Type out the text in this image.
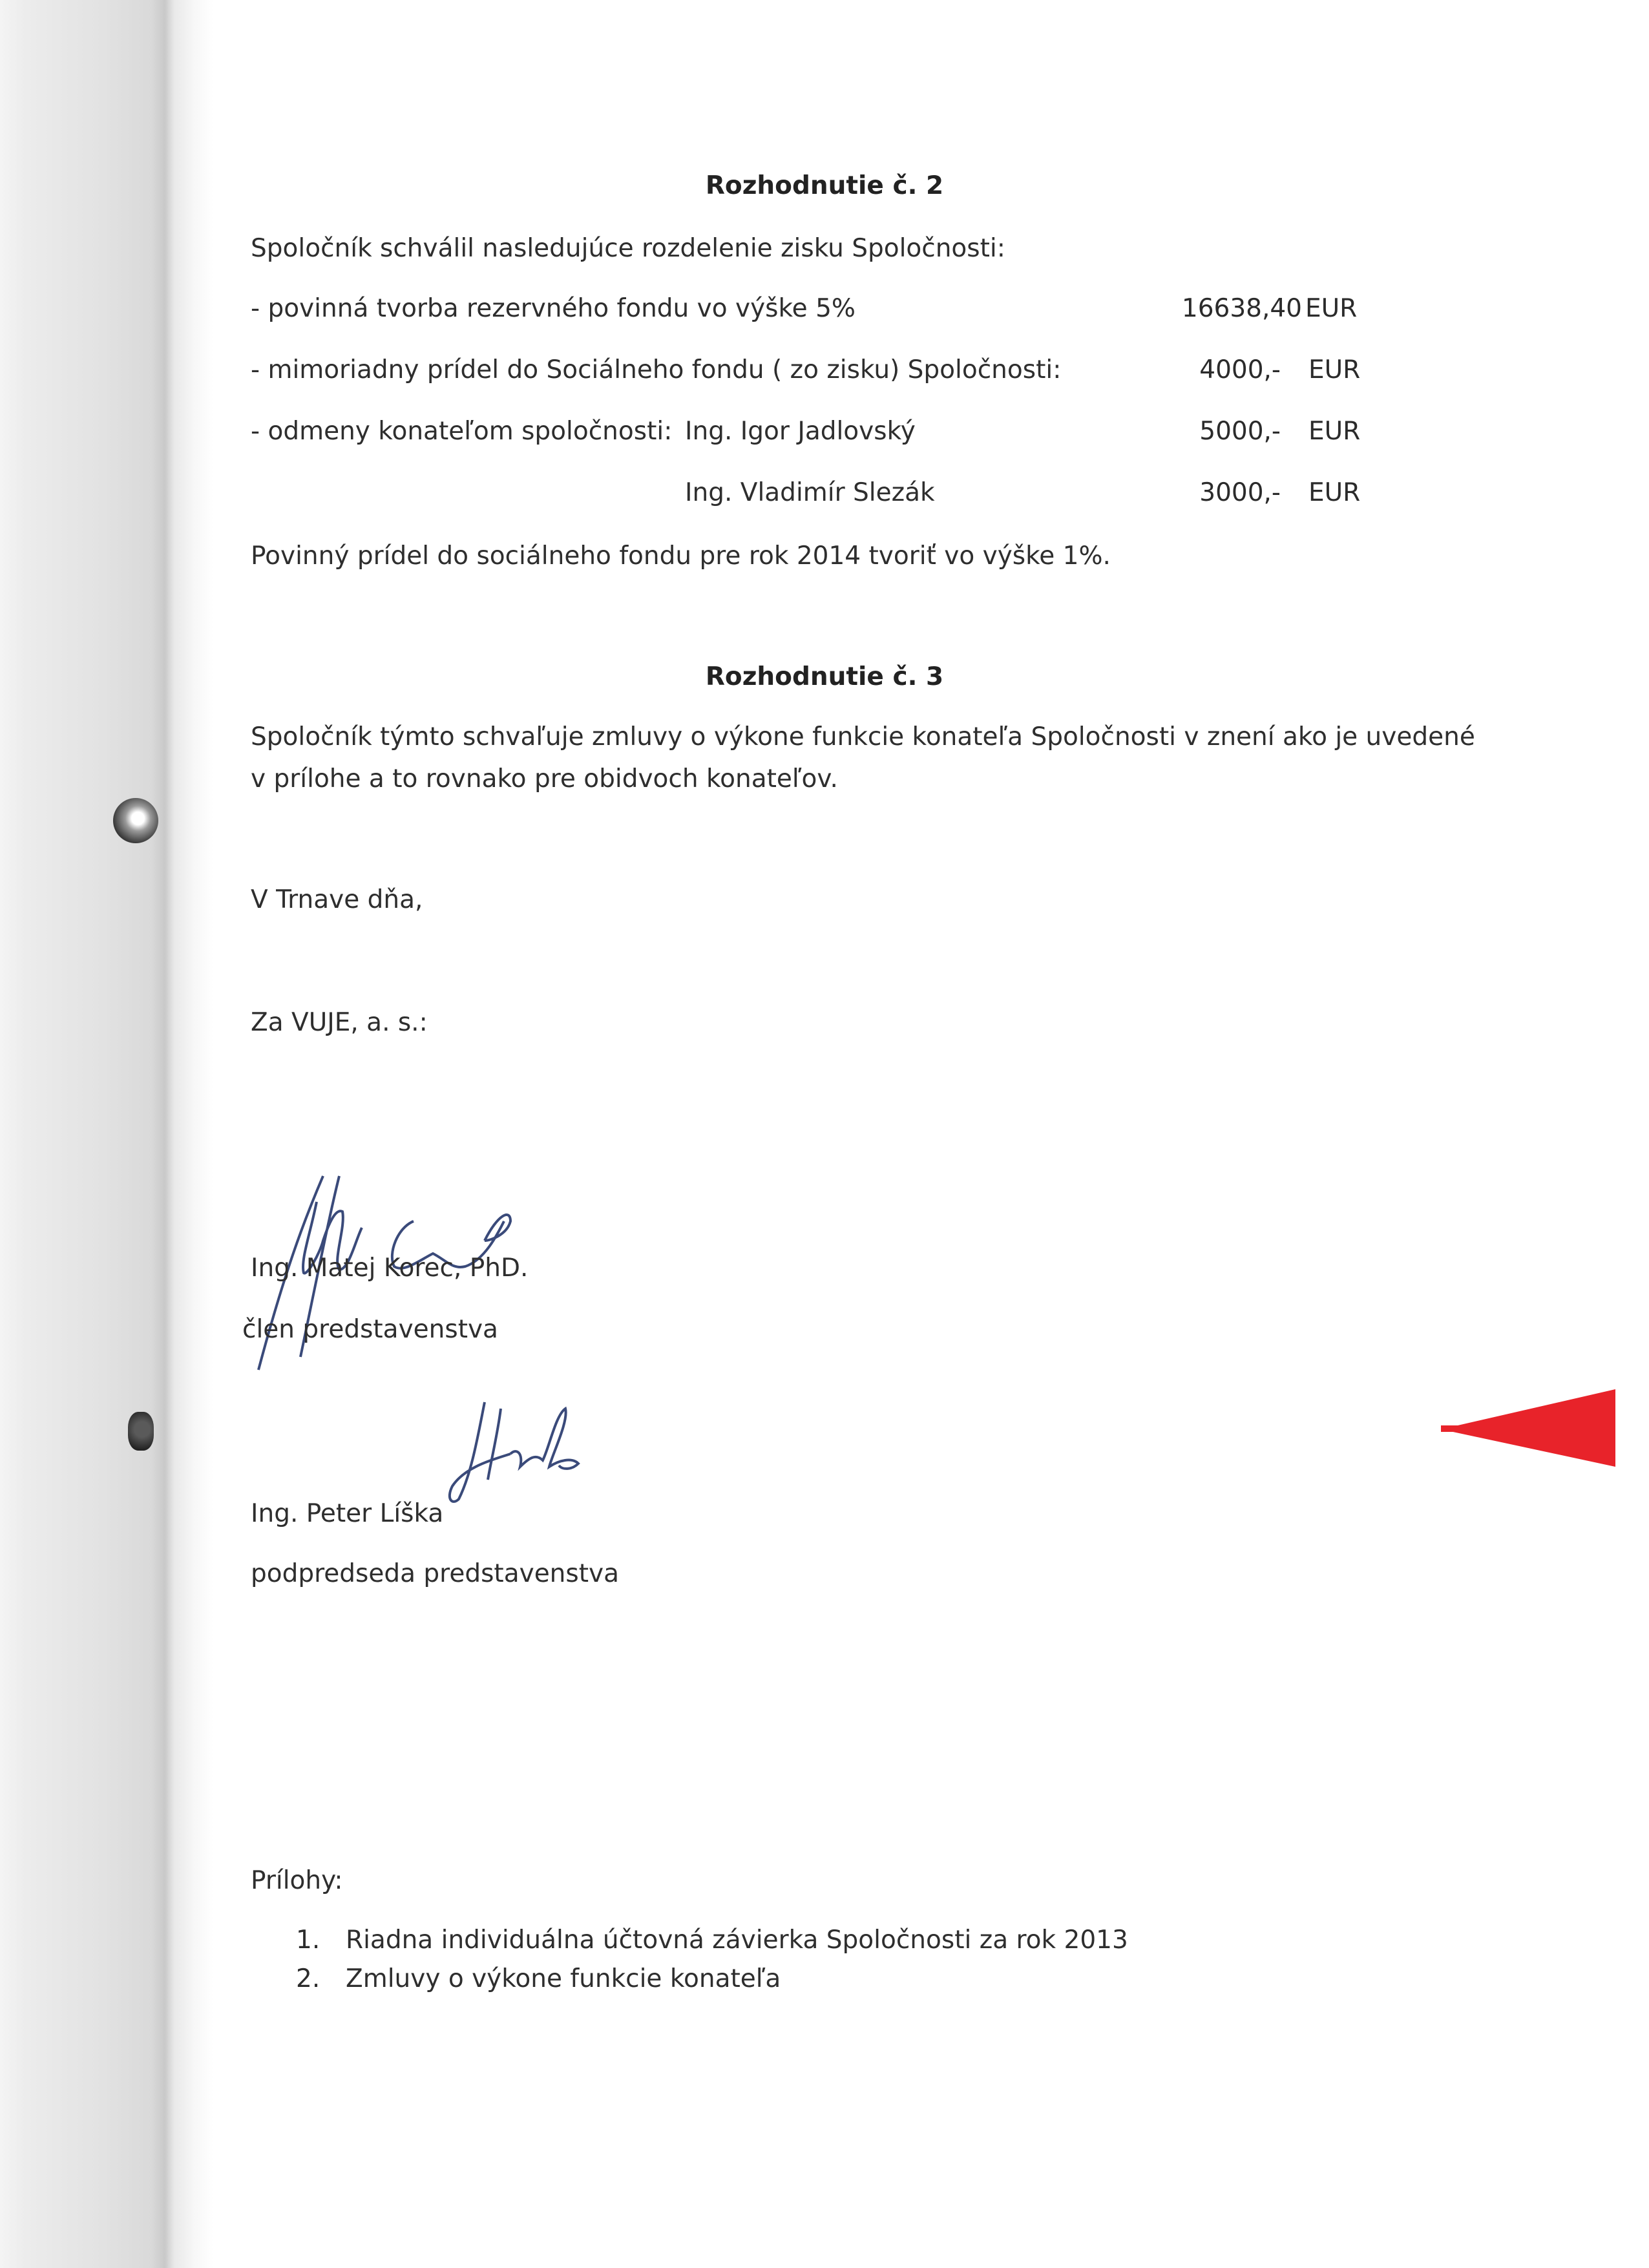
Rozhodnutie č. 2
Spoločník schválil nasledujúce rozdelenie zisku Spoločnosti:
- povinná tvorba rezervného fondu vo výške 5%	16638,40 EUR
- mimoriadny prídel do Sociálneho fondu ( zo zisku) Spoločnosti:	4000,- EUR
- odmeny konateľom spoločnosti: Ing. Igor Jadlovský	5000,- EUR
Ing. Vladimír Slezák	3000,- EUR
Povinný prídel do sociálneho fondu pre rok 2014 tvoriť vo výške 1%.
Rozhodnutie č. 3
Spoločník týmto schvaľuje zmluvy o výkone funkcie konateľa Spoločnosti v znení ako je uvedené
v prílohe a to rovnako pre obidvoch konateľov.
V Trnave dňa,
Za VUJE, a. s.:
Ing. Matej Korec, PhD.
člen predstavenstva
Ing. Peter Líška
podpredseda predstavenstva
Prílohy:
1. Riadna individuálna účtovná závierka Spoločnosti za rok 2013
2. Zmluvy o výkone funkcie konateľa
